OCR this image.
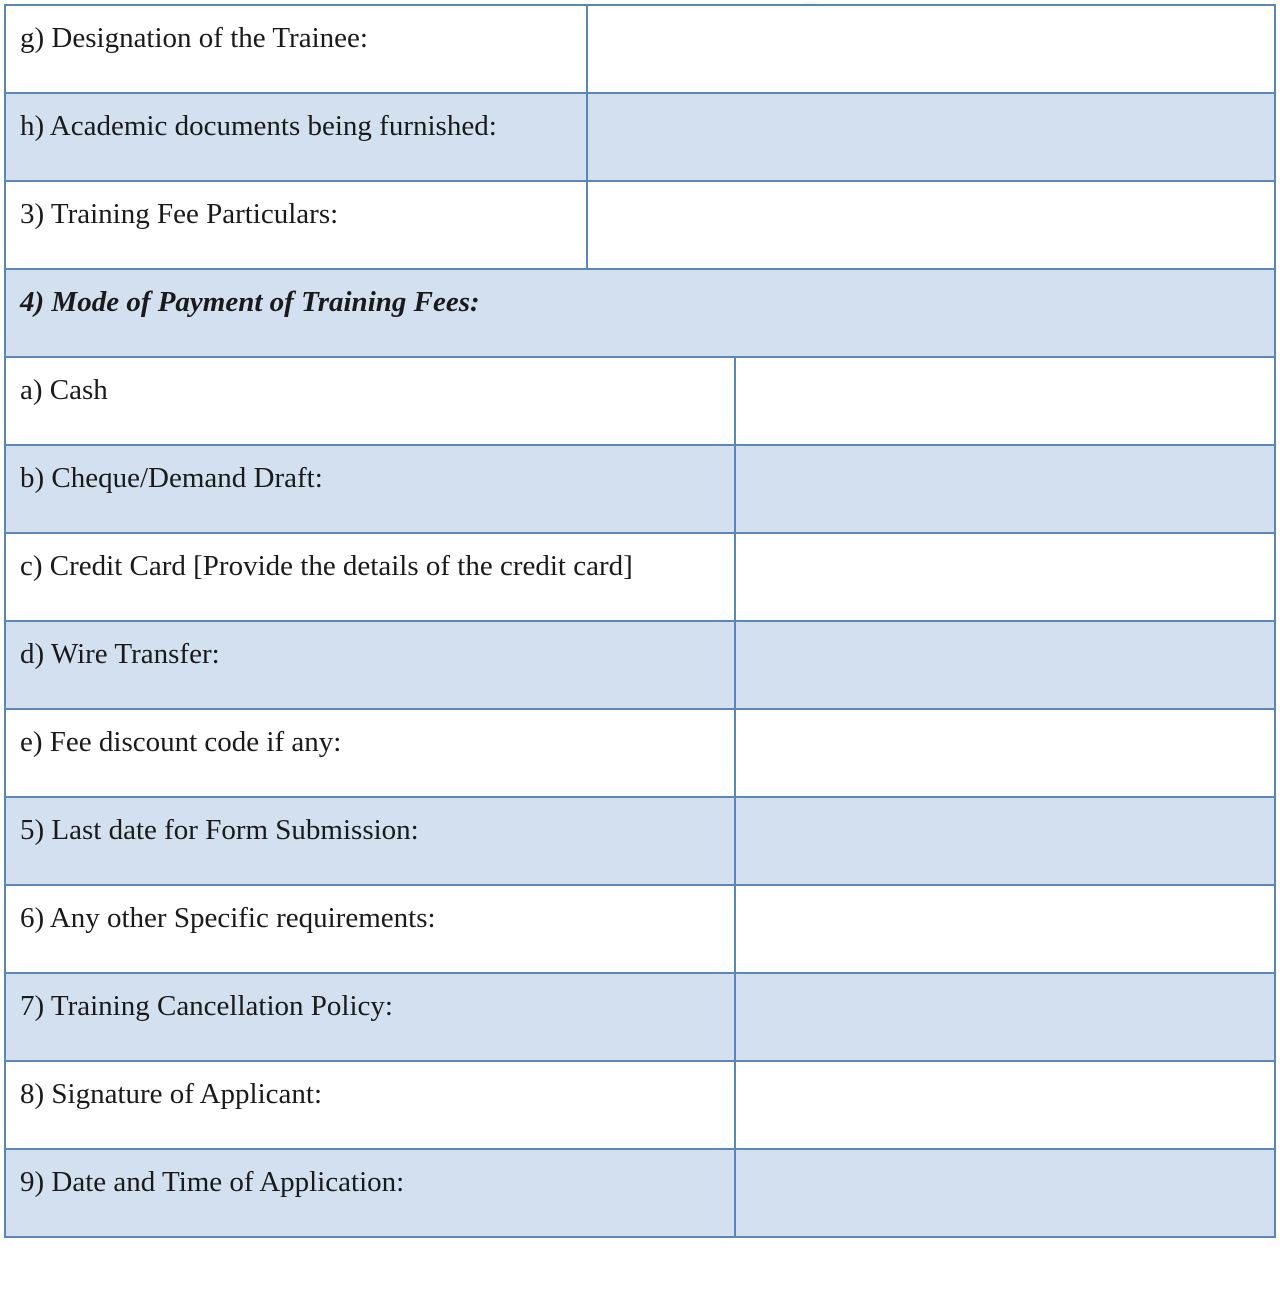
g) Designation of the Trainee:		
h) Academic documents being furnished:		
3) Training Fee Particulars:		
4) Mode of Payment of Training Fees:		
a) Cash		
b) Cheque/Demand Draft:		
c) Credit Card [Provide the details of the credit card]		
d) Wire Transfer:		
e) Fee discount code if any:		
5) Last date for Form Submission:		
6) Any other Specific requirements:		
7) Training Cancellation Policy:		
8) Signature of Applicant:		
9) Date and Time of Application:		
